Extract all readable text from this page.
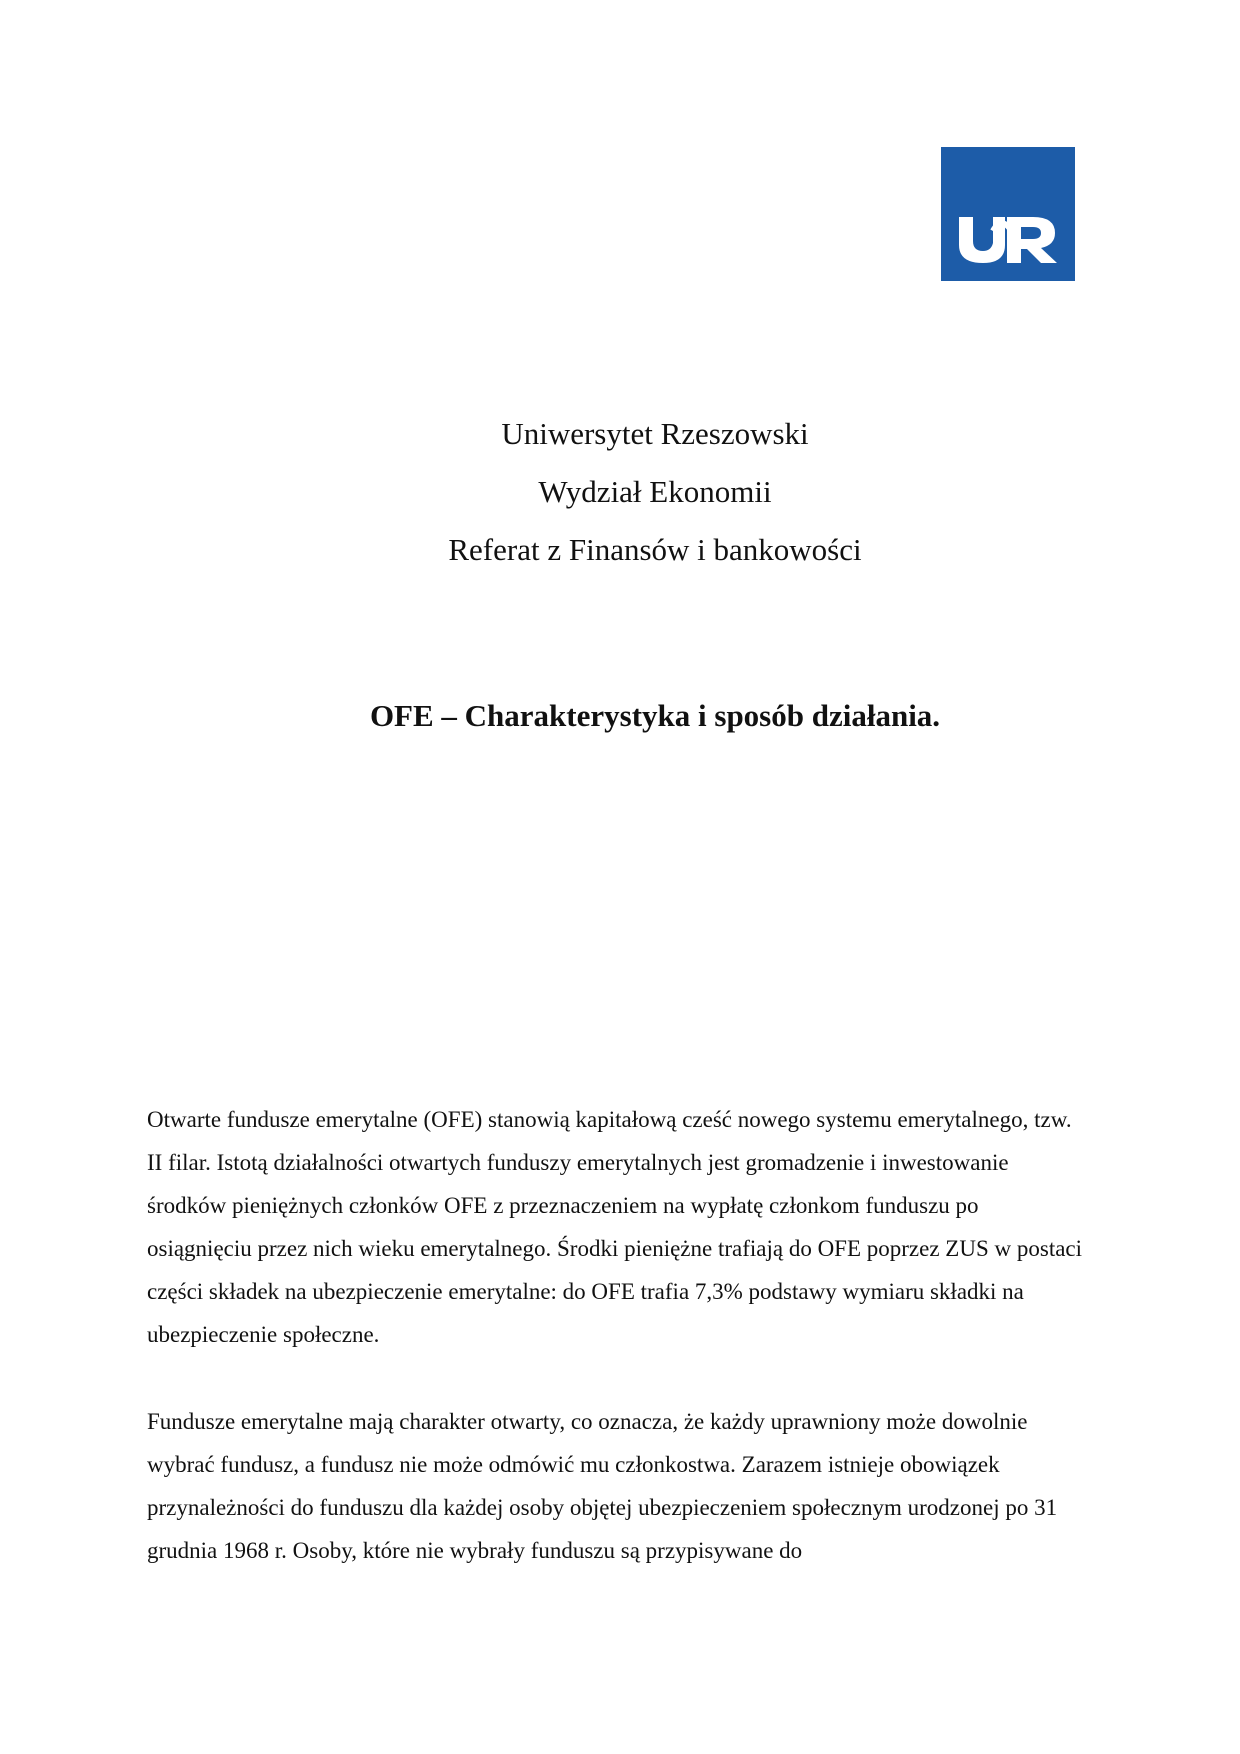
Uniwersytet Rzeszowski

Wydział Ekonomii

Referat z Finansów i bankowości

OFE – Charakterystyka i sposób działania.

Otwarte fundusze emerytalne (OFE) stanowią kapitałową cześć nowego systemu emerytalnego, tzw. II filar. Istotą działalności otwartych funduszy emerytalnych jest gromadzenie i inwestowanie środków pieniężnych członków OFE z przeznaczeniem na wypłatę członkom funduszu po osiągnięciu przez nich wieku emerytalnego. Środki pieniężne trafiają do OFE poprzez ZUS w postaci części składek na ubezpieczenie emerytalne: do OFE trafia 7,3% podstawy wymiaru składki na ubezpieczenie społeczne.

Fundusze emerytalne mają charakter otwarty, co oznacza, że każdy uprawniony może dowolnie wybrać fundusz, a fundusz nie może odmówić mu członkostwa. Zarazem istnieje obowiązek przynależności do funduszu dla każdej osoby objętej ubezpieczeniem społecznym urodzonej po 31 grudnia 1968 r. Osoby, które nie wybrały funduszu są przypisywane do
